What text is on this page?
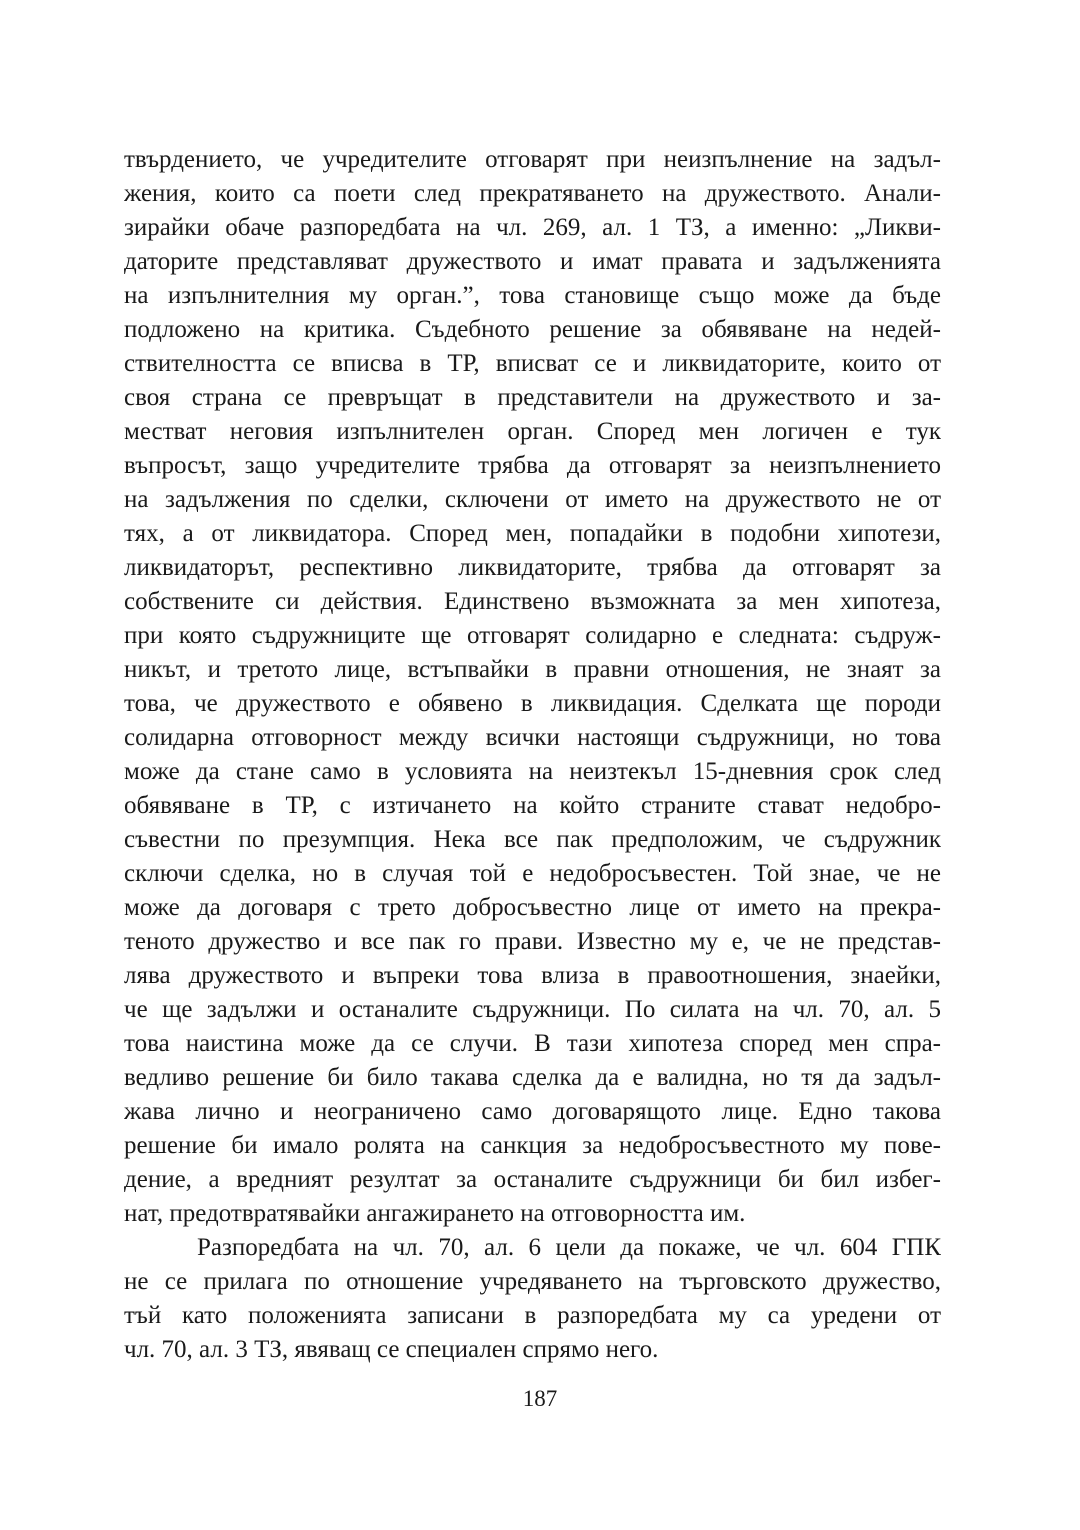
твърдението, че учредителите отговарят при неизпълнение на задъл-
жения, които са поети след прекратяването на дружеството. Анали-
зирайки обаче разпоредбата на чл. 269, ал. 1 ТЗ, а именно: „Ликви-
даторите представляват дружеството и имат правата и задълженията
на изпълнителния му орган.”, това становище също може да бъде
подложено на критика. Съдебното решение за обявяване на недей-
ствителността се вписва в ТР, вписват се и ликвидаторите, които от
своя страна се превръщат в представители на дружеството и за-
местват неговия изпълнителен орган. Според мен логичен е тук
въпросът, защо учредителите трябва да отговарят за неизпълнението
на задължения по сделки, сключени от името на дружеството не от
тях, а от ликвидатора. Според мен, попадайки в подобни хипотези,
ликвидаторът, респективно ликвидаторите, трябва да отговарят за
собствените си действия. Единствено възможната за мен хипотеза,
при която съдружниците ще отговарят солидарно е следната: съдруж-
никът, и третото лице, встъпвайки в правни отношения, не знаят за
това, че дружеството е обявено в ликвидация. Сделката ще породи
солидарна отговорност между всички настоящи съдружници, но това
може да стане само в условията на неизтекъл 15-дневния срок след
обявяване в ТР, с изтичането на който страните стават недобро-
съвестни по презумпция. Нека все пак предположим, че съдружник
сключи сделка, но в случая той е недобросъвестен. Той знае, че не
може да договаря с трето добросъвестно лице от името на прекра-
теното дружество и все пак го прави. Известно му е, че не представ-
лява дружеството и въпреки това влиза в правоотношения, знаейки,
че ще задължи и останалите съдружници. По силата на чл. 70, ал. 5
това наистина може да се случи. В тази хипотеза според мен спра-
ведливо решение би било такава сделка да е валидна, но тя да задъл-
жава лично и неограничено само договарящото лице. Едно такова
решение би имало ролята на санкция за недобросъвестното му пове-
дение, а вредният резултат за останалите съдружници би бил избег-
нат, предотвратявайки ангажирането на отговорността им.
Разпоредбата на чл. 70, ал. 6 цели да покаже, че чл. 604 ГПК
не се прилага по отношение учредяването на търговското дружество,
тъй като положенията записани в разпоредбата му са уредени от
чл. 70, ал. 3 ТЗ, явяващ се специален спрямо него.
187
